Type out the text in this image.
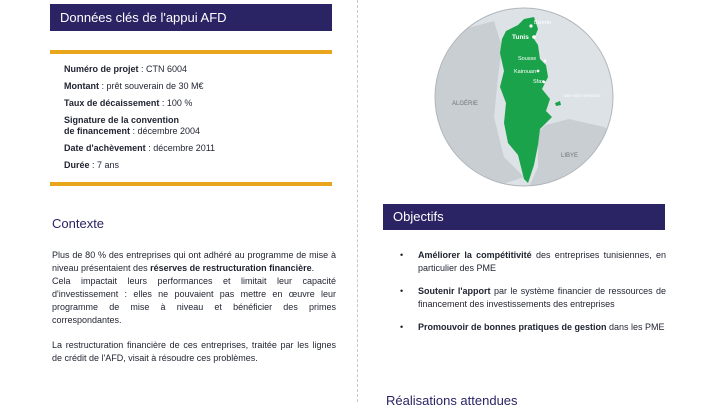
Données clés de l'appui AFD
Numéro de projet : CTN 6004
Montant : prêt souverain de 30 M€
Taux de décaissement : 100 %
Signature de la convention
de financement : décembre 2004
Date d'achèvement : décembre 2011
Durée : 7 ans
Contexte

Plus de 80 % des entreprises qui ont adhéré au programme de mise à niveau présentaient des réserves de restructuration financière.

Cela impactait leurs performances et limitait leur capacité d'investissement : elles ne pouvaient pas mettre en œuvre leur programme de mise à niveau et bénéficier des primes correspondantes.

La restructuration financière de ces entreprises, traitée par les lignes de crédit de l'AFD, visait à résoudre ces problèmes.

Bizerte
Tunis
Sousse
Kairouan
Sfax
ALGÉRIE
LIBYE
MER MÉDITERRANÉE
Objectifs
• Améliorer la compétitivité des entreprises tunisiennes, en particulier des PME
• Soutenir l'apport par le système financier de ressources de financement des investissements des entreprises
• Promouvoir de bonnes pratiques de gestion dans les PME
Réalisations attendues
